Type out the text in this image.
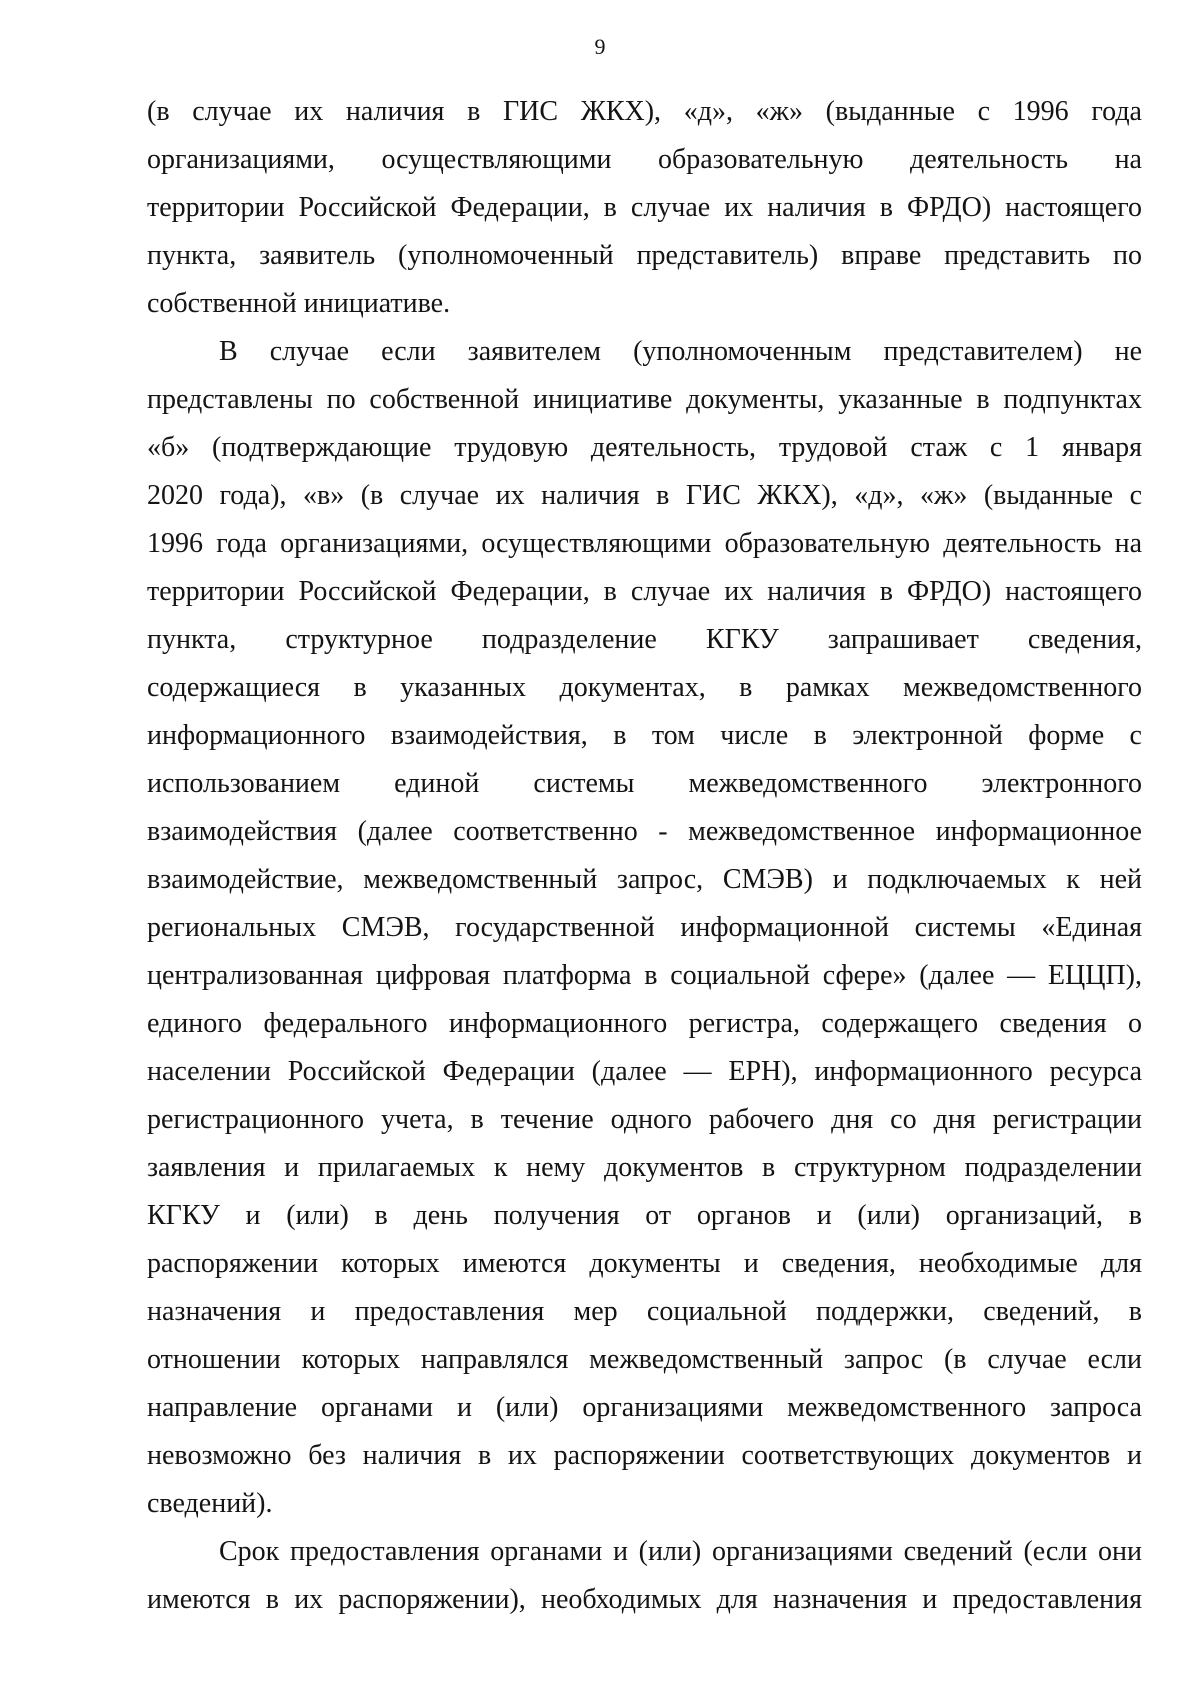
9

(в случае их наличия в ГИС ЖКХ), «д», «ж» (выданные с 1996 года
организациями, осуществляющими образовательную деятельность на
территории Российской Федерации, в случае их наличия в ФРДО) настоящего
пункта, заявитель (уполномоченный представитель) вправе представить по
собственной инициативе.

В случае если заявителем (уполномоченным представителем) не
представлены по собственной инициативе документы, указанные в подпунктах
«б» (подтверждающие трудовую деятельность, трудовой стаж с 1 января
2020 года), «в» (в случае их наличия в ГИС ЖКХ), «д», «ж» (выданные с
1996 года организациями, осуществляющими образовательную деятельность на
территории Российской Федерации, в случае их наличия в ФРДО) настоящего
пункта, структурное подразделение КГКУ запрашивает сведения,
содержащиеся в указанных документах, в рамках межведомственного
информационного взаимодействия, в том числе в электронной форме с
использованием единой системы межведомственного электронного
взаимодействия (далее соответственно - межведомственное информационное
взаимодействие, межведомственный запрос, СМЭВ) и подключаемых к ней
региональных СМЭВ, государственной информационной системы «Единая
централизованная цифровая платформа в социальной сфере» (далее — ЕЦЦП),
единого федерального информационного регистра, содержащего сведения о
населении Российской Федерации (далее — ЕРН), информационного ресурса
регистрационного учета, в течение одного рабочего дня со дня регистрации
заявления и прилагаемых к нему документов в структурном подразделении
КГКУ и (или) в день получения от органов и (или) организаций, в
распоряжении которых имеются документы и сведения, необходимые для
назначения и предоставления мер социальной поддержки, сведений, в
отношении которых направлялся межведомственный запрос (в случае если
направление органами и (или) организациями межведомственного запроса
невозможно без наличия в их распоряжении соответствующих документов и
сведений).

Срок предоставления органами и (или) организациями сведений (если они
имеются в их распоряжении), необходимых для назначения и предоставления
